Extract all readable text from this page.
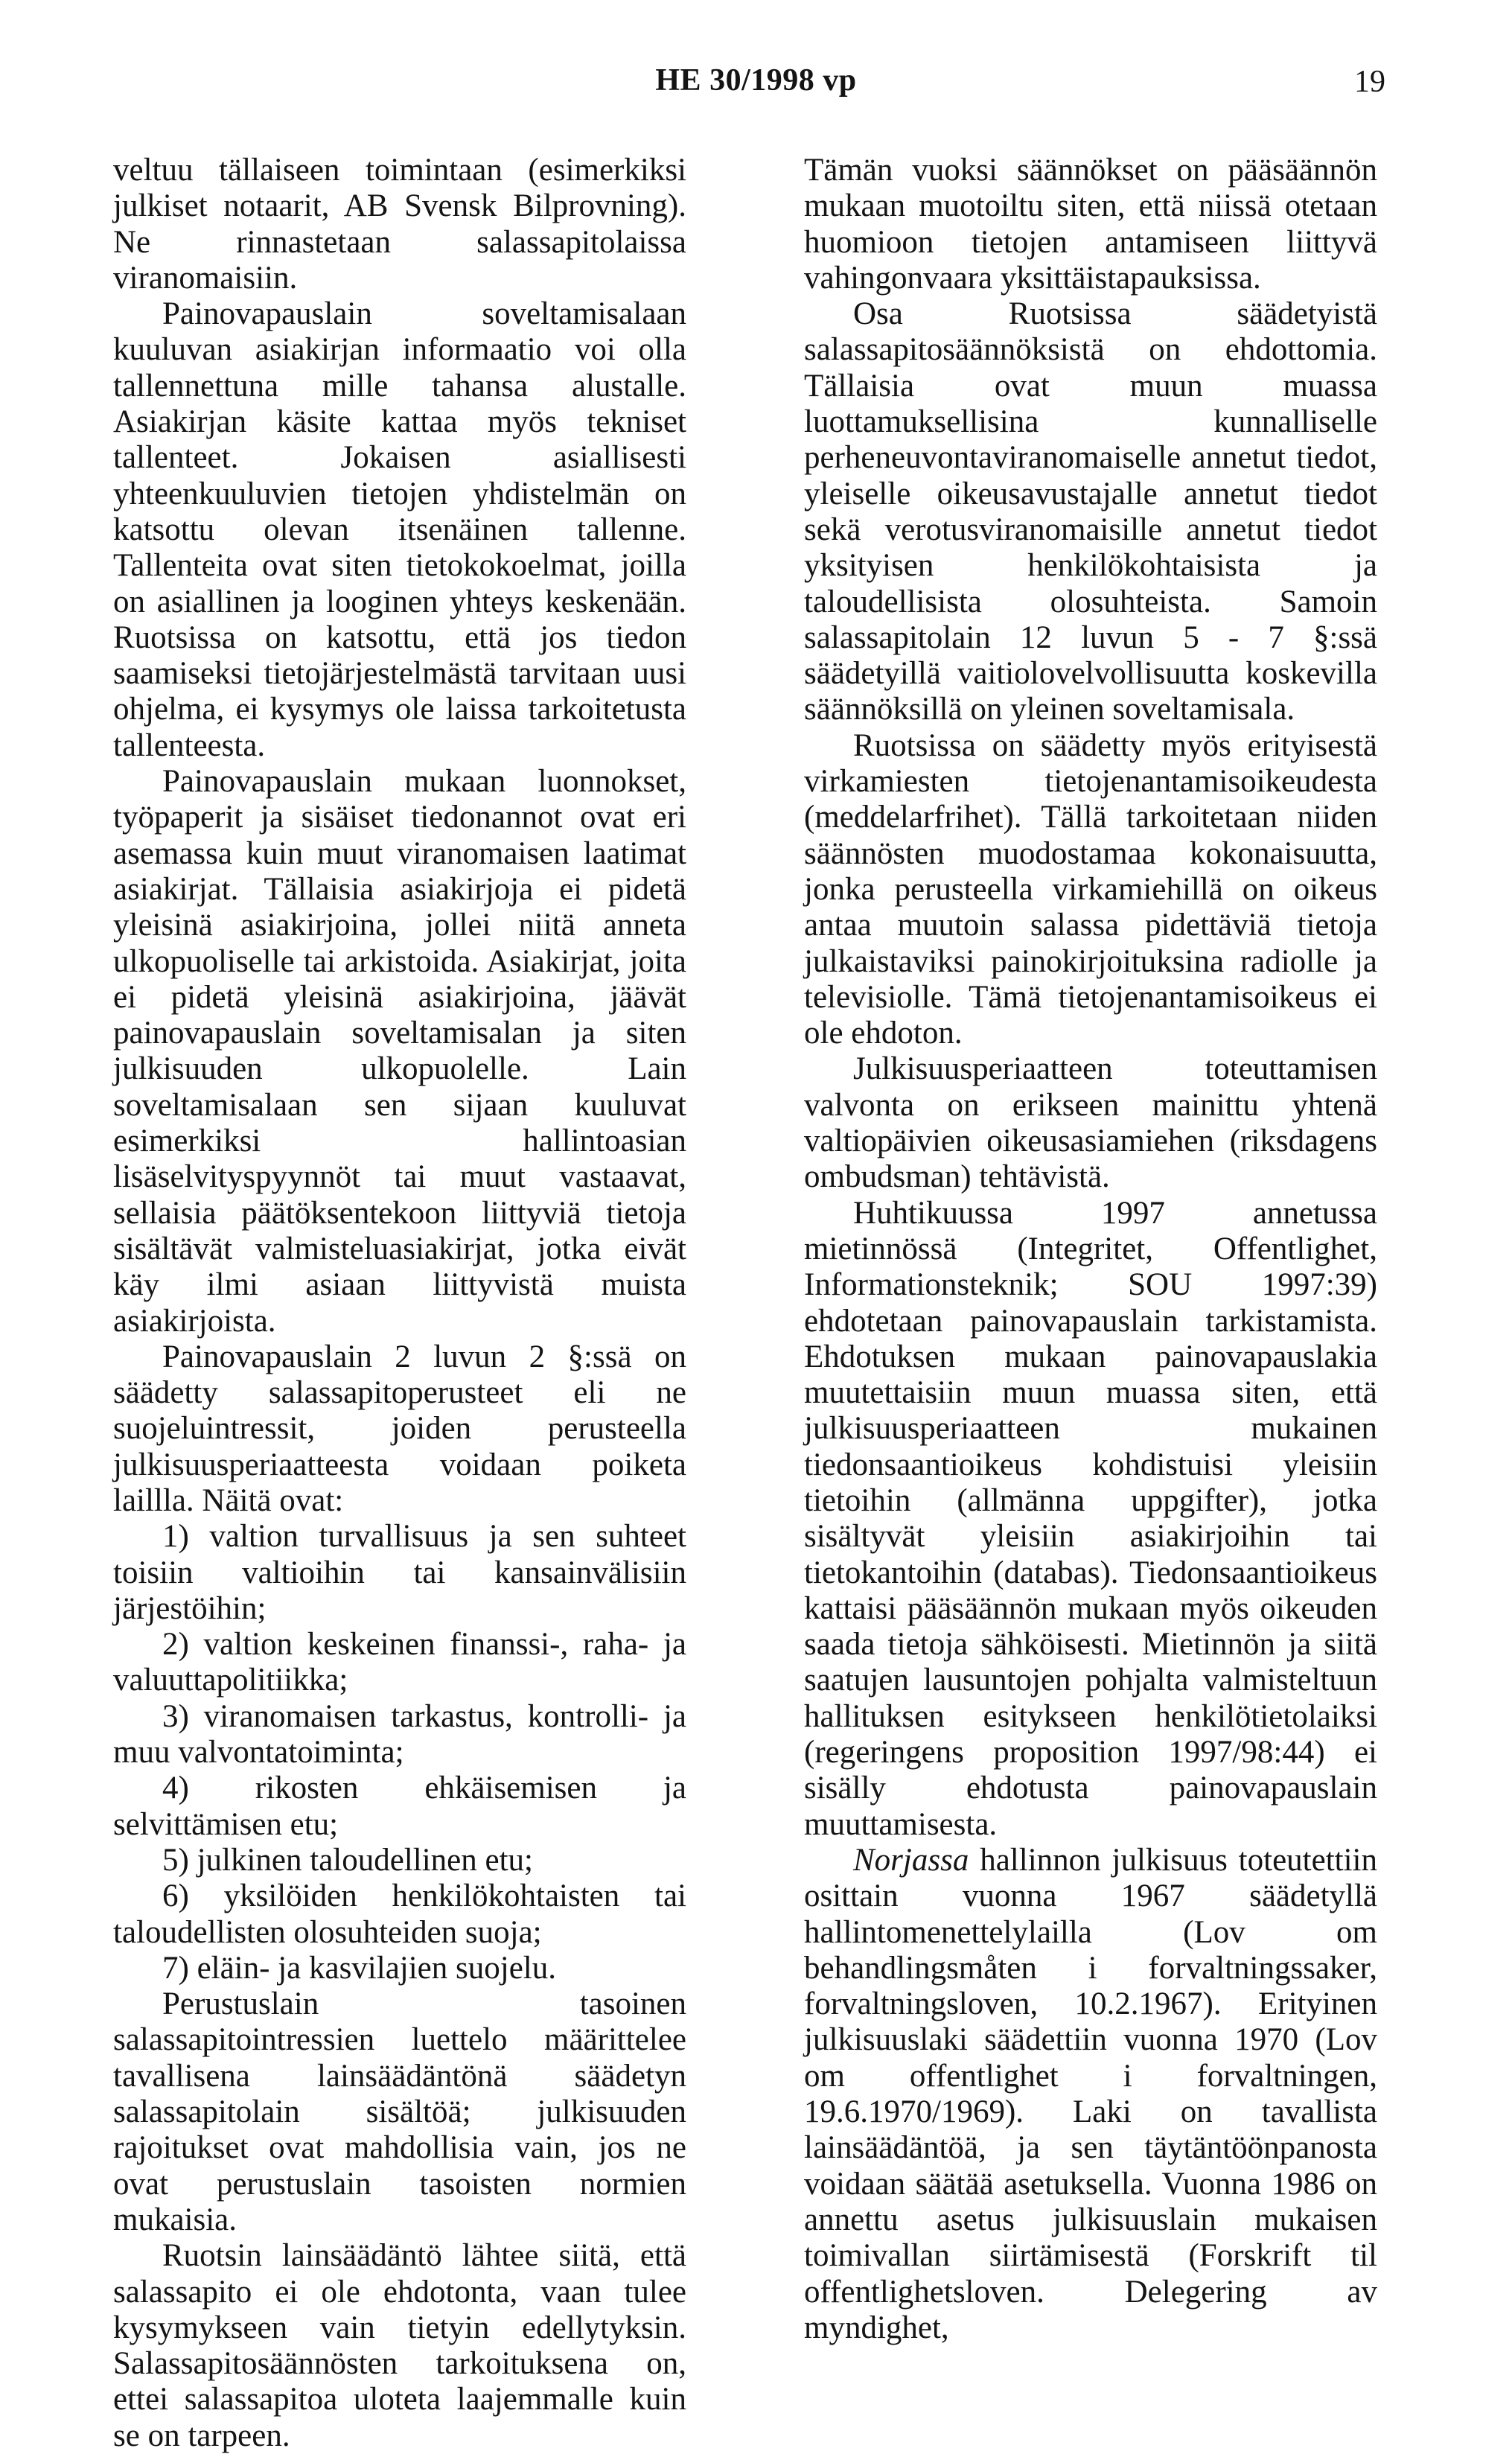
HE 30/1998 vp	19

veltuu tällaiseen toimintaan (esimerkiksi julkiset notaarit, AB Svensk Bilprovning). Ne rinnastetaan salassapitolaissa viranomaisiin.

Painovapauslain soveltamisalaan kuuluvan asiakirjan informaatio voi olla tallennettuna mille tahansa alustalle. Asiakirjan käsite kattaa myös tekniset tallenteet. Jokaisen asiallisesti yhteenkuuluvien tietojen yhdistelmän on katsottu olevan itsenäinen tallenne. Tallenteita ovat siten tietokokoelmat, joilla on asiallinen ja looginen yhteys keskenään. Ruotsissa on katsottu, että jos tiedon saamiseksi tietojärjestelmästä tarvitaan uusi ohjelma, ei kysymys ole laissa tarkoitetusta tallenteesta.

Painovapauslain mukaan luonnokset, työpaperit ja sisäiset tiedonannot ovat eri asemassa kuin muut viranomaisen laatimat asiakirjat. Tällaisia asiakirjoja ei pidetä yleisinä asiakirjoina, jollei niitä anneta ulkopuoliselle tai arkistoida. Asiakirjat, joita ei pidetä yleisinä asiakirjoina, jäävät painovapauslain soveltamisalan ja siten julkisuuden ulkopuolelle. Lain soveltamisalaan sen sijaan kuuluvat esimerkiksi hallintoasian lisäselvityspyynnöt tai muut vastaavat, sellaisia päätöksentekoon liittyviä tietoja sisältävät valmisteluasiakirjat, jotka eivät käy ilmi asiaan liittyvistä muista asiakirjoista.

Painovapauslain 2 luvun 2 §:ssä on säädetty salassapitoperusteet eli ne suojeluintressit, joiden perusteella julkisuusperiaatteesta voidaan poiketa laillla. Näitä ovat:

1) valtion turvallisuus ja sen suhteet toisiin valtioihin tai kansainvälisiin järjestöihin;

2) valtion keskeinen finanssi-, raha- ja valuuttapolitiikka;

3) viranomaisen tarkastus, kontrolli- ja muu valvontatoiminta;

4) rikosten ehkäisemisen ja selvittämisen etu;

5) julkinen taloudellinen etu;

6) yksilöiden henkilökohtaisten tai taloudellisten olosuhteiden suoja;

7) eläin- ja kasvilajien suojelu.

Perustuslain tasoinen salassapitointressien luettelo määrittelee tavallisena lainsäädäntönä säädetyn salassapitolain sisältöä; julkisuuden rajoitukset ovat mahdollisia vain, jos ne ovat perustuslain tasoisten normien mukaisia.

Ruotsin lainsäädäntö lähtee siitä, että salassapito ei ole ehdotonta, vaan tulee kysymykseen vain tietyin edellytyksin. Salassapitosäännösten tarkoituksena on, ettei salassapitoa uloteta laajemmalle kuin se on tarpeen.

Tämän vuoksi säännökset on pääsäännön mukaan muotoiltu siten, että niissä otetaan huomioon tietojen antamiseen liittyvä vahingonvaara yksittäistapauksissa.

Osa Ruotsissa säädetyistä salassapitosäännöksistä on ehdottomia. Tällaisia ovat muun muassa luottamuksellisina kunnalliselle perheneuvontaviranomaiselle annetut tiedot, yleiselle oikeusavustajalle annetut tiedot sekä verotusviranomaisille annetut tiedot yksityisen henkilökohtaisista ja taloudellisista olosuhteista. Samoin salassapitolain 12 luvun 5 - 7 §:ssä säädetyillä vaitiolovelvollisuutta koskevilla säännöksillä on yleinen soveltamisala.

Ruotsissa on säädetty myös erityisestä virkamiesten tietojenantamisoikeudesta (meddelarfrihet). Tällä tarkoitetaan niiden säännösten muodostamaa kokonaisuutta, jonka perusteella virkamiehillä on oikeus antaa muutoin salassa pidettäviä tietoja julkaistaviksi painokirjoituksina radiolle ja televisiolle. Tämä tietojenantamisoikeus ei ole ehdoton.

Julkisuusperiaatteen toteuttamisen valvonta on erikseen mainittu yhtenä valtiopäivien oikeusasiamiehen (riksdagens ombudsman) tehtävistä.

Huhtikuussa 1997 annetussa mietinnössä (Integritet, Offentlighet, Informationsteknik; SOU 1997:39) ehdotetaan painovapauslain tarkistamista. Ehdotuksen mukaan painovapauslakia muutettaisiin muun muassa siten, että julkisuusperiaatteen mukainen tiedonsaantioikeus kohdistuisi yleisiin tietoihin (allmänna uppgifter), jotka sisältyvät yleisiin asiakirjoihin tai tietokantoihin (databas). Tiedonsaantioikeus kattaisi pääsäännön mukaan myös oikeuden saada tietoja sähköisesti. Mietinnön ja siitä saatujen lausuntojen pohjalta valmisteltuun hallituksen esitykseen henkilötietolaiksi (regeringens proposition 1997/98:44) ei sisälly ehdotusta painovapauslain muuttamisesta.

Norjassa hallinnon julkisuus toteutettiin osittain vuonna 1967 säädetyllä hallintomenettelylailla (Lov om behandlingsmåten i forvaltningssaker, forvaltningsloven, 10.2.1967). Erityinen julkisuuslaki säädettiin vuonna 1970 (Lov om offentlighet i forvaltningen, 19.6.1970/1969). Laki on tavallista lainsäädäntöä, ja sen täytäntöönpanosta voidaan säätää asetuksella. Vuonna 1986 on annettu asetus julkisuuslain mukaisen toimivallan siirtämisestä (Forskrift til offentlighetsloven. Delegering av myndighet,
